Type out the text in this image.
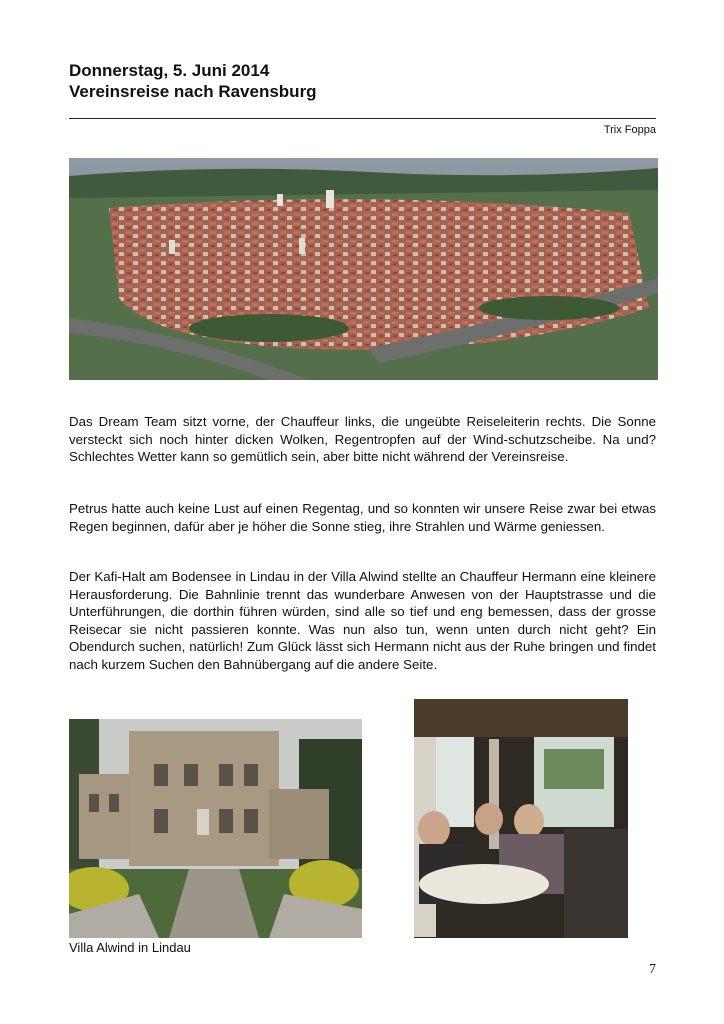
Donnerstag, 5. Juni 2014
Vereinsreise nach Ravensburg
Trix Foppa

Das Dream Team sitzt vorne, der Chauffeur links, die ungeübte Reiseleiterin rechts. Die Sonne versteckt sich noch hinter dicken Wolken, Regentropfen auf der Wind-schutzscheibe. Na und? Schlechtes Wetter kann so gemütlich sein, aber bitte nicht während der Vereinsreise.

Petrus hatte auch keine Lust auf einen Regentag, und so konnten wir unsere Reise zwar bei etwas Regen beginnen, dafür aber je höher die Sonne stieg, ihre Strahlen und Wärme geniessen.

Der Kafi-Halt am Bodensee in Lindau in der Villa Alwind stellte an Chauffeur Hermann eine kleinere Herausforderung. Die Bahnlinie trennt das wunderbare Anwesen von der Hauptstrasse und die Unterführungen, die dorthin führen würden, sind alle so tief und eng bemessen, dass der grosse Reisecar sie nicht passieren konnte. Was nun also tun, wenn unten durch nicht geht? Ein Obendurch suchen, natürlich! Zum Glück lässt sich Hermann nicht aus der Ruhe bringen und findet nach kurzem Suchen den Bahnübergang auf die andere Seite.

Villa Alwind in Lindau
7
